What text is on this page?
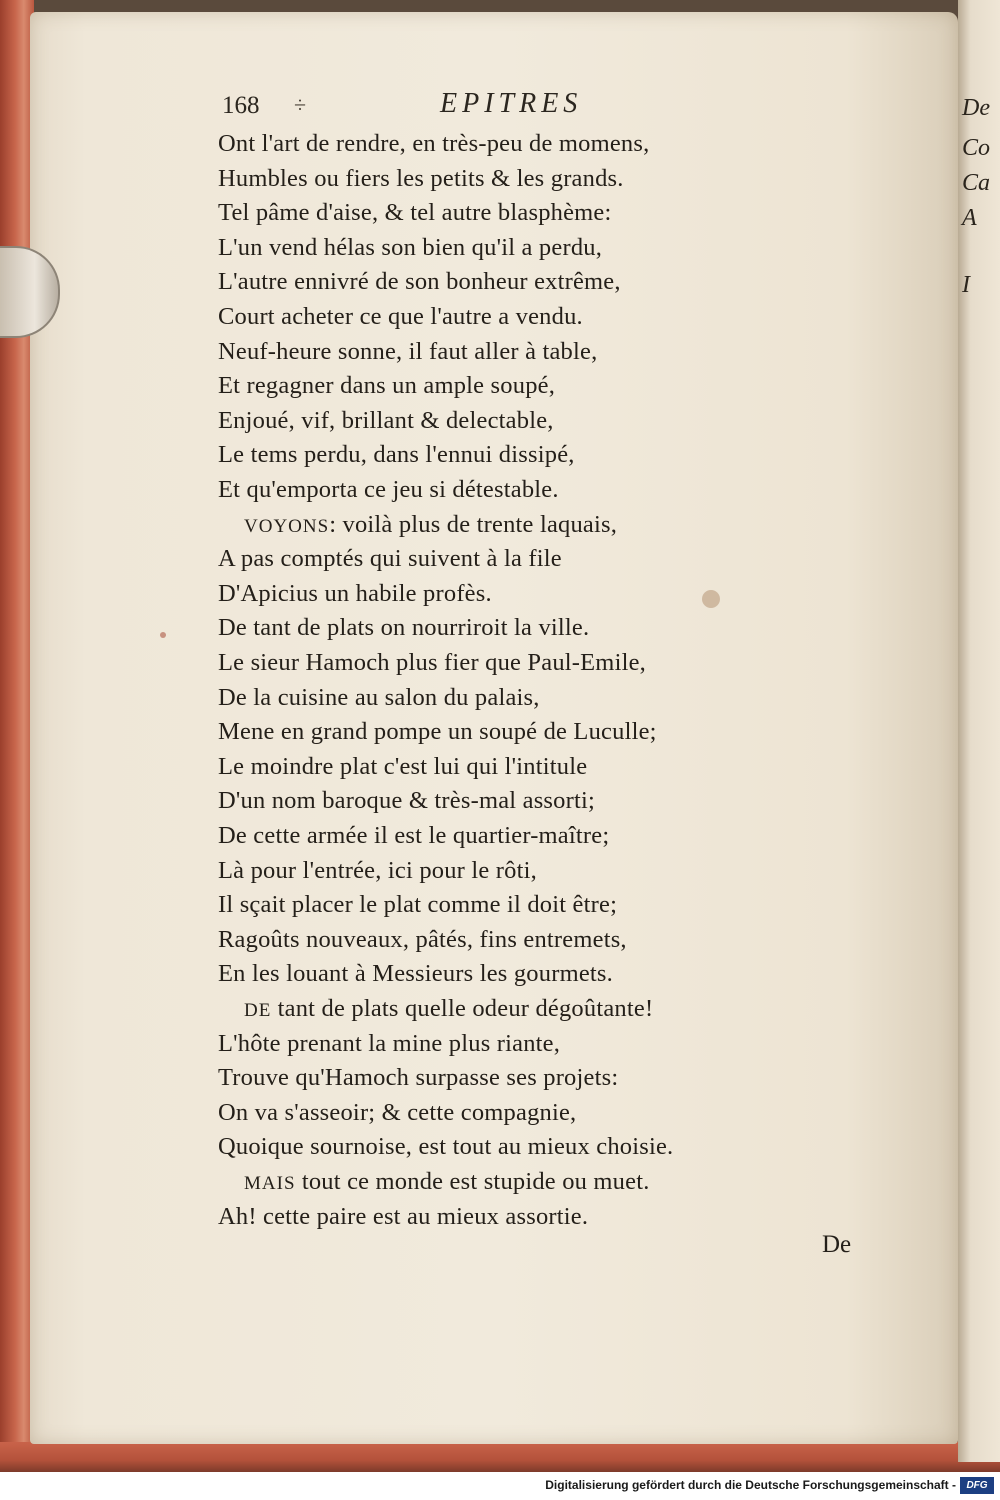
De
Co
Ca
A
I
168 ÷	EPITRES
Ont l'art de rendre, en très-peu de momens,
Humbles ou fiers les petits & les grands.
Tel pâme d'aise, & tel autre blasphème:
L'un vend hélas son bien qu'il a perdu,
L'autre ennivré de son bonheur extrême,
Court acheter ce que l'autre a vendu.
Neuf-heure sonne, il faut aller à table,
Et regagner dans un ample soupé,
Enjoué, vif, brillant & delectable,
Le tems perdu, dans l'ennui dissipé,
Et qu'emporta ce jeu si détestable.
VOYONS: voilà plus de trente laquais,
A pas comptés qui suivent à la file
D'Apicius un habile profès.
De tant de plats on nourriroit la ville.
Le sieur Hamoch plus fier que Paul-Emile,
De la cuisine au salon du palais,
Mene en grand pompe un soupé de Luculle;
Le moindre plat c'est lui qui l'intitule
D'un nom baroque & très-mal assorti;
De cette armée il est le quartier-maître;
Là pour l'entrée, ici pour le rôti,
Il sçait placer le plat comme il doit être;
Ragoûts nouveaux, pâtés, fins entremets,
En les louant à Messieurs les gourmets.
DE tant de plats quelle odeur dégoûtante!
L'hôte prenant la mine plus riante,
Trouve qu'Hamoch surpasse ses projets:
On va s'asseoir; & cette compagnie,
Quoique sournoise, est tout au mieux choisie.
MAIS tout ce monde est stupide ou muet.
Ah! cette paire est au mieux assortie.
De
Digitalisierung gefördert durch die Deutsche Forschungsgemeinschaft -	DFG
